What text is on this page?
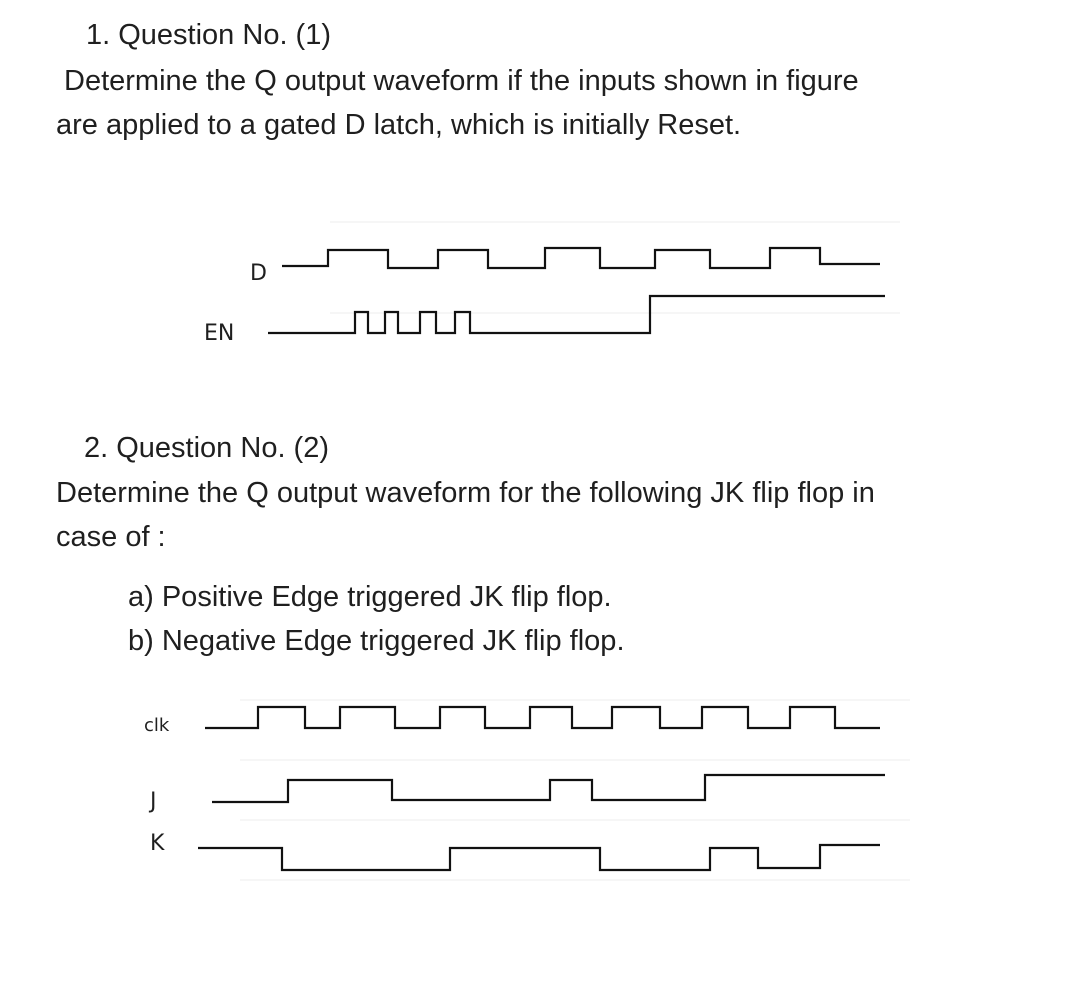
1. Question No. (1)

Determine the Q output waveform if the inputs shown in figure

are applied to a gated D latch, which is initially Reset.

D
EN
clk
J
K

2. Question No. (2)

Determine the Q output waveform for the following JK flip flop in

case of :

a) Positive Edge triggered JK flip flop.

b) Negative Edge triggered JK flip flop.
